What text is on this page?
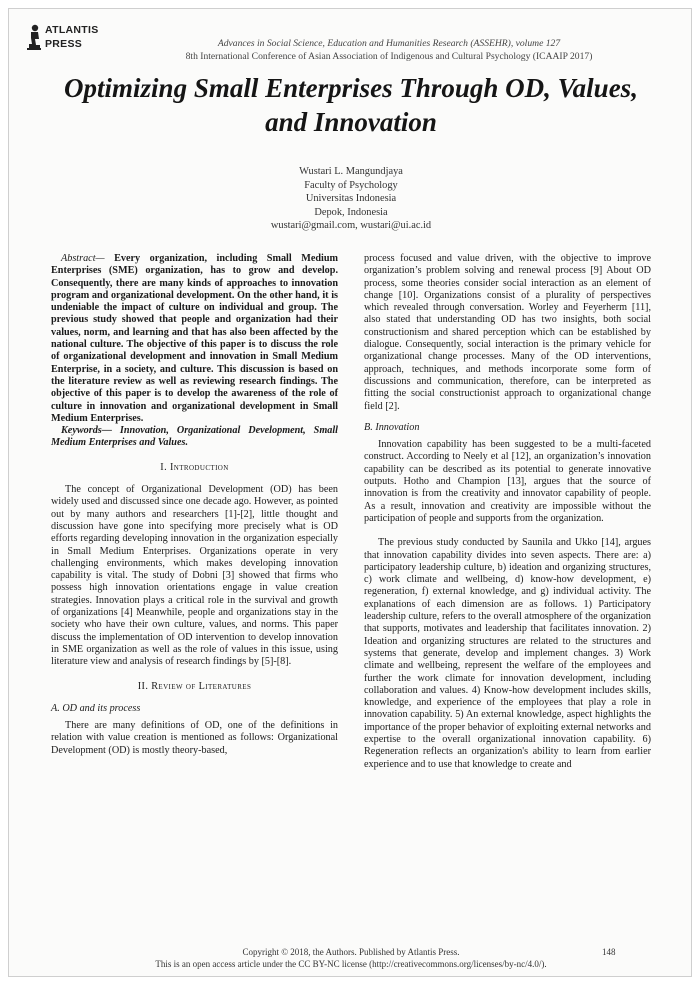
ATLANTIS
PRESS	Advances in Social Science, Education and Humanities Research (ASSEHR), volume 127
8th International Conference of Asian Association of Indigenous and Cultural Psychology (ICAAIP 2017)
Optimizing Small Enterprises Through OD, Values,
and Innovation
Wustari L. Mangundjaya
Faculty of Psychology
Universitas Indonesia
Depok, Indonesia
wustari@gmail.com, wustari@ui.ac.id

Abstract— Every organization, including Small Medium Enterprises (SME) organization, has to grow and develop. Consequently, there are many kinds of approaches to innovation program and organizational development. On the other hand, it is undeniable the impact of culture on individual and group. The previous study showed that people and organization had their values, norm, and learning and that has also been affected by the national culture. The objective of this paper is to discuss the role of organizational development and innovation in Small Medium Enterprise, in a society, and culture. This discussion is based on the literature review as well as reviewing research findings. The objective of this paper is to develop the awareness of the role of culture in innovation and organizational development in Small Medium Enterprises.

Keywords— Innovation, Organizational Development, Small Medium Enterprises and Values.

I. Introduction

The concept of Organizational Development (OD) has been widely used and discussed since one decade ago. However, as pointed out by many authors and researchers [1]-[2], little thought and discussion have gone into specifying more precisely what is OD efforts regarding developing innovation in the organization especially in Small Medium Enterprises. Organizations operate in very challenging environments, which makes developing innovation capability is vital. The study of Dobni [3] showed that firms who possess high innovation orientations engage in value creation strategies. Innovation plays a critical role in the survival and growth of organizations [4] Meanwhile, people and organizations stay in the society who have their own culture, values, and norms. This paper discuss the implementation of OD intervention to develop innovation in SME organization as well as the role of values in this issue, using literature view and analysis of research findings by [5]-[8].

II. Review of Literatures

A. OD and its process

There are many definitions of OD, one of the definitions in relation with value creation is mentioned as follows: Organizational Development (OD) is mostly theory-based,

process focused and value driven, with the objective to improve organization’s problem solving and renewal process [9] About OD process, some theories consider social interaction as an element of change [10]. Organizations consist of a plurality of perspectives which revealed through conversation. Worley and Feyerherm [11], also stated that understanding OD has two insights, both social constructionism and shared perception which can be established by dialogue. Consequently, social interaction is the primary vehicle for organizational change processes. Many of the OD interventions, approach, techniques, and methods incorporate some form of discussions and communication, therefore, can be interpreted as fitting the social constructionist approach to organizational change field [2].

B. Innovation

Innovation capability has been suggested to be a multi-faceted construct. According to Neely et al [12], an organization’s innovation capability can be described as its potential to generate innovative outputs. Hotho and Champion [13], argues that the source of innovation is from the creativity and innovator capability of people. As a result, innovation and creativity are impossible without the participation of people and supports from the organization.

The previous study conducted by Saunila and Ukko [14], argues that innovation capability divides into seven aspects. There are: a) participatory leadership culture, b) ideation and organizing structures, c) work climate and wellbeing, d) know-how development, e) regeneration, f) external knowledge, and g) individual activity. The explanations of each dimension are as follows. 1) Participatory leadership culture, refers to the overall atmosphere of the organization that supports, motivates and leadership that facilitates innovation. 2) Ideation and organizing structures are related to the structures and systems that generate, develop and implement changes. 3) Work climate and wellbeing, represent the welfare of the employees and further the work climate for innovation development, including collaboration and values. 4) Know-how development includes skills, knowledge, and experience of the employees that play a role in innovation capability. 5) An external knowledge, aspect highlights the importance of the proper behavior of exploiting external networks and expertise to the overall organizational innovation capability. 6) Regeneration reflects an organization's ability to learn from earlier experience and to use that knowledge to create and

Copyright © 2018, the Authors. Published by Atlantis Press.
This is an open access article under the CC BY-NC license (http://creativecommons.org/licenses/by-nc/4.0/).
148
